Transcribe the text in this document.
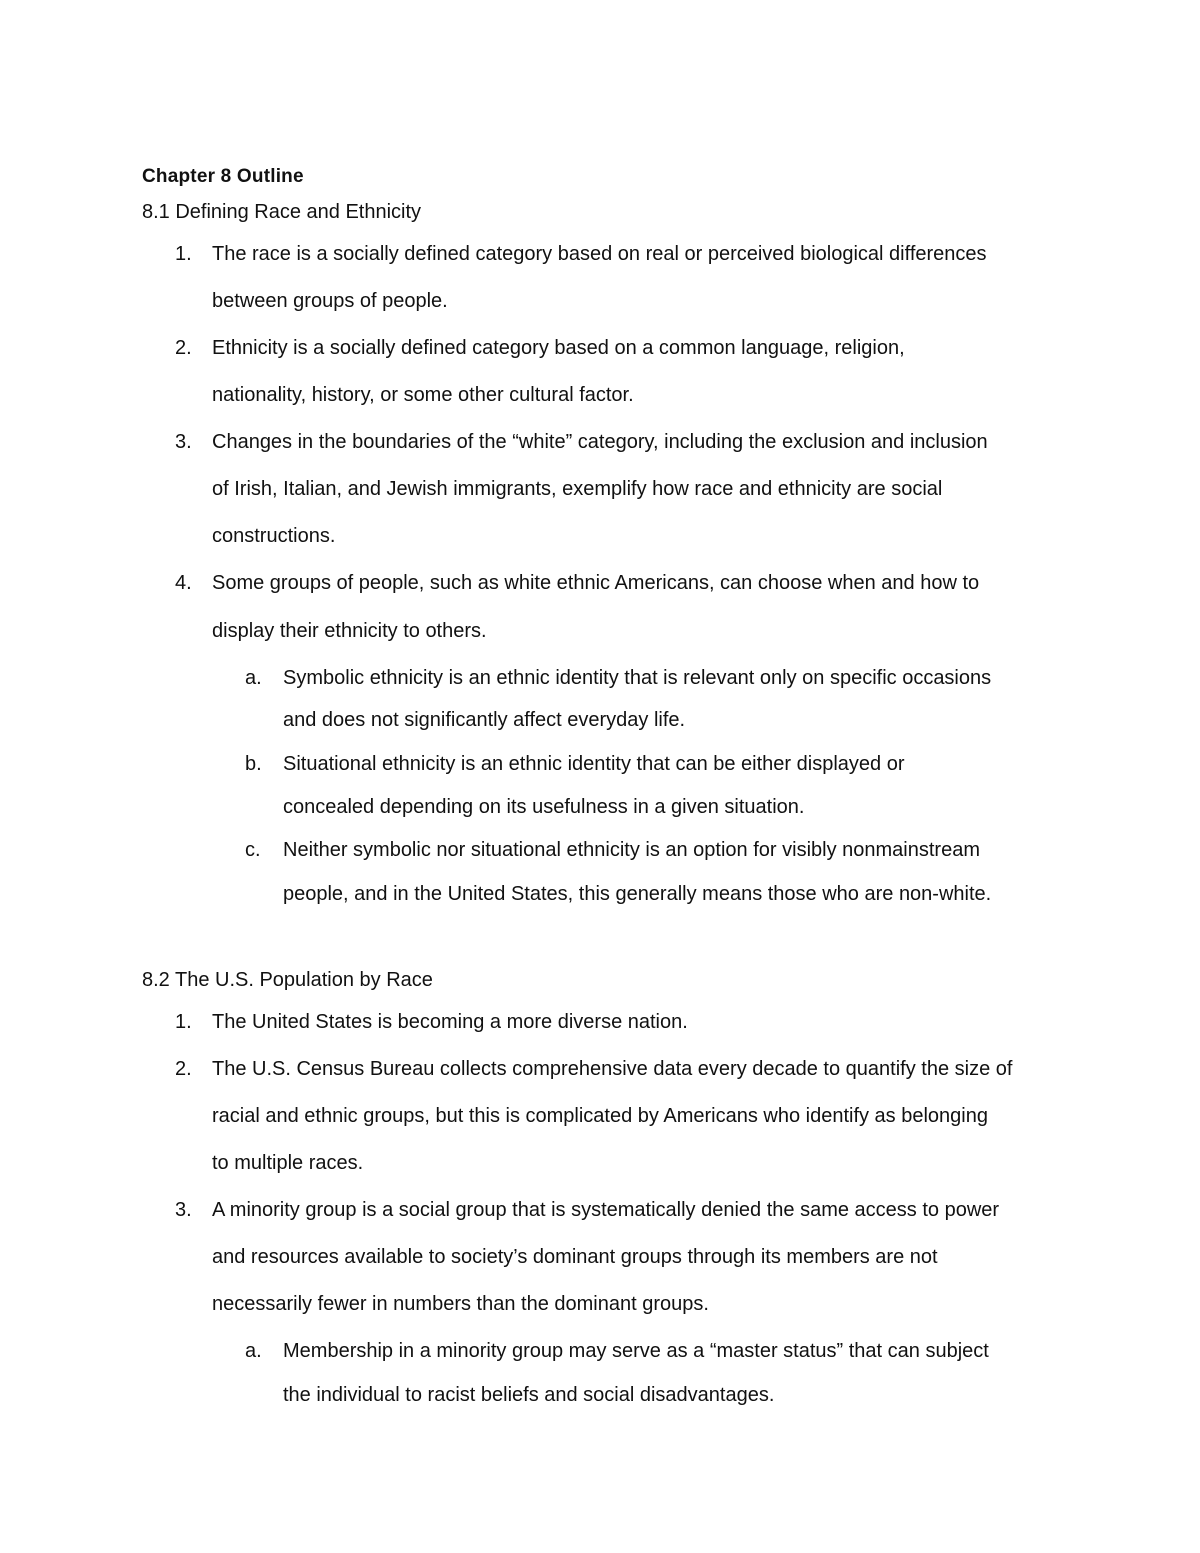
Chapter 8 Outline
8.1 Defining Race and Ethnicity
1. The race is a socially defined category based on real or perceived biological differences
between groups of people.
2. Ethnicity is a socially defined category based on a common language, religion,
nationality, history, or some other cultural factor.
3. Changes in the boundaries of the “white” category, including the exclusion and inclusion
of Irish, Italian, and Jewish immigrants, exemplify how race and ethnicity are social
constructions.
4. Some groups of people, such as white ethnic Americans, can choose when and how to
display their ethnicity to others.
a. Symbolic ethnicity is an ethnic identity that is relevant only on specific occasions
and does not significantly affect everyday life.
b. Situational ethnicity is an ethnic identity that can be either displayed or
concealed depending on its usefulness in a given situation.
c. Neither symbolic nor situational ethnicity is an option for visibly nonmainstream
people, and in the United States, this generally means those who are non-white.
8.2 The U.S. Population by Race
1. The United States is becoming a more diverse nation.
2. The U.S. Census Bureau collects comprehensive data every decade to quantify the size of
racial and ethnic groups, but this is complicated by Americans who identify as belonging
to multiple races.
3. A minority group is a social group that is systematically denied the same access to power
and resources available to society’s dominant groups through its members are not
necessarily fewer in numbers than the dominant groups.
a. Membership in a minority group may serve as a “master status” that can subject
the individual to racist beliefs and social disadvantages.
